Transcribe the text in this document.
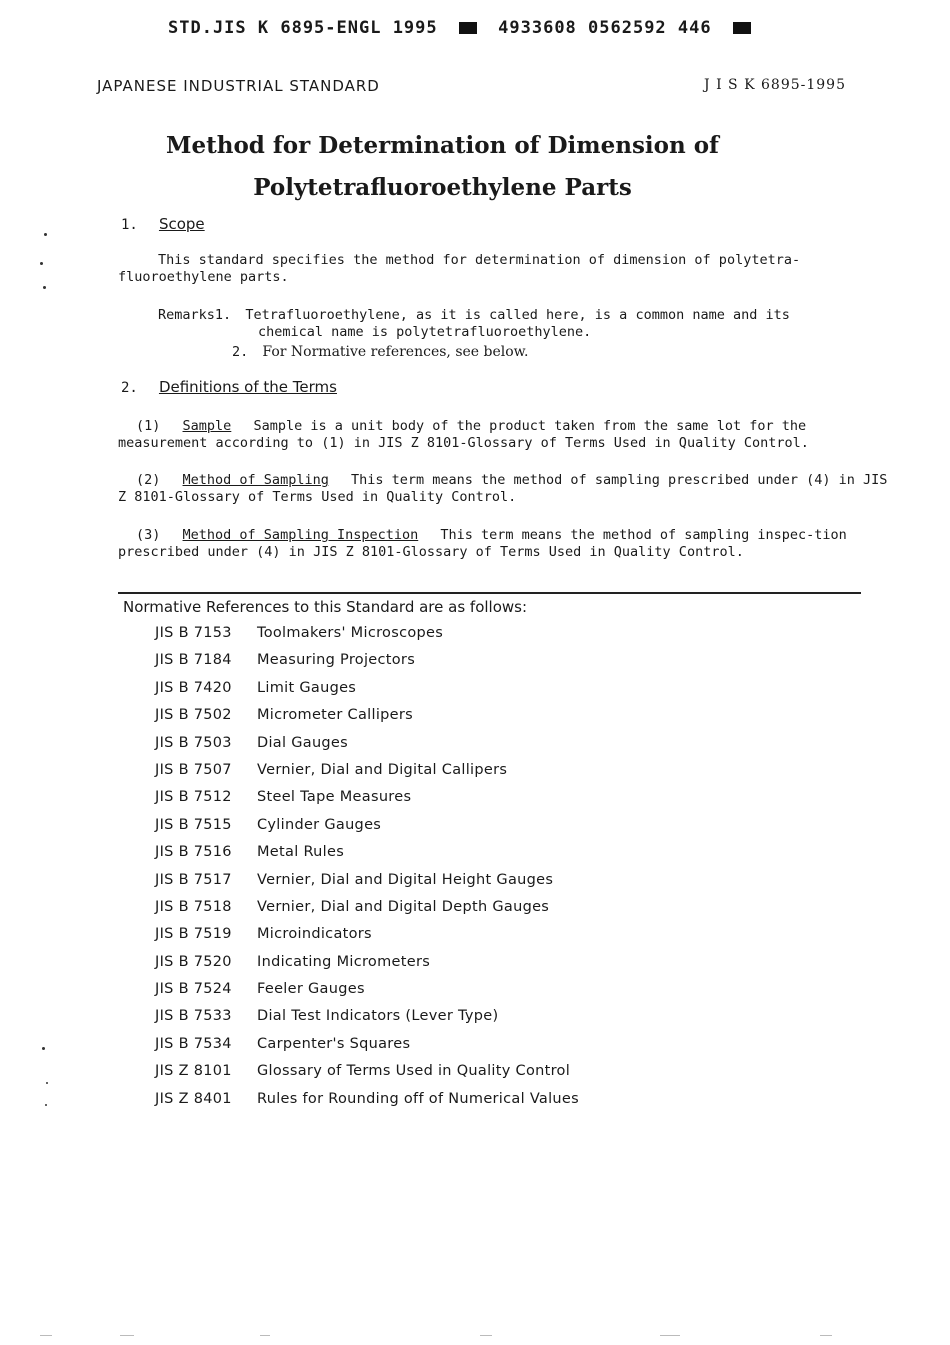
STD.JIS K 6895-ENGL 1995	4933608 0562592 446
JAPANESE INDUSTRIAL STANDARD	J I S K 6895-1995
Method for Determination of Dimension of
Polytetrafluoroethylene Parts
1. Scope
This standard specifies the method for determination of dimension of polytetra-fluoroethylene parts.
Remarks1. Tetrafluoroethylene, as it is called here, is a common name and its
chemical name is polytetrafluoroethylene.
2. For Normative references, see below.
2. Definitions of the Terms
(1) Sample Sample is a unit body of the product taken from the same lot for the measurement according to (1) in JIS Z 8101-Glossary of Terms Used in Quality Control.
(2) Method of Sampling This term means the method of sampling prescribed under (4) in JIS Z 8101-Glossary of Terms Used in Quality Control.
(3) Method of Sampling Inspection This term means the method of sampling inspec-tion prescribed under (4) in JIS Z 8101-Glossary of Terms Used in Quality Control.
Normative References to this Standard are as follows:
JIS B 7153 Toolmakers' Microscopes
JIS B 7184 Measuring Projectors
JIS B 7420 Limit Gauges
JIS B 7502 Micrometer Callipers
JIS B 7503 Dial Gauges
JIS B 7507 Vernier, Dial and Digital Callipers
JIS B 7512 Steel Tape Measures
JIS B 7515 Cylinder Gauges
JIS B 7516 Metal Rules
JIS B 7517 Vernier, Dial and Digital Height Gauges
JIS B 7518 Vernier, Dial and Digital Depth Gauges
JIS B 7519 Microindicators
JIS B 7520 Indicating Micrometers
JIS B 7524 Feeler Gauges
JIS B 7533 Dial Test Indicators (Lever Type)
JIS B 7534 Carpenter's Squares
JIS Z 8101 Glossary of Terms Used in Quality Control
JIS Z 8401 Rules for Rounding off of Numerical Values
